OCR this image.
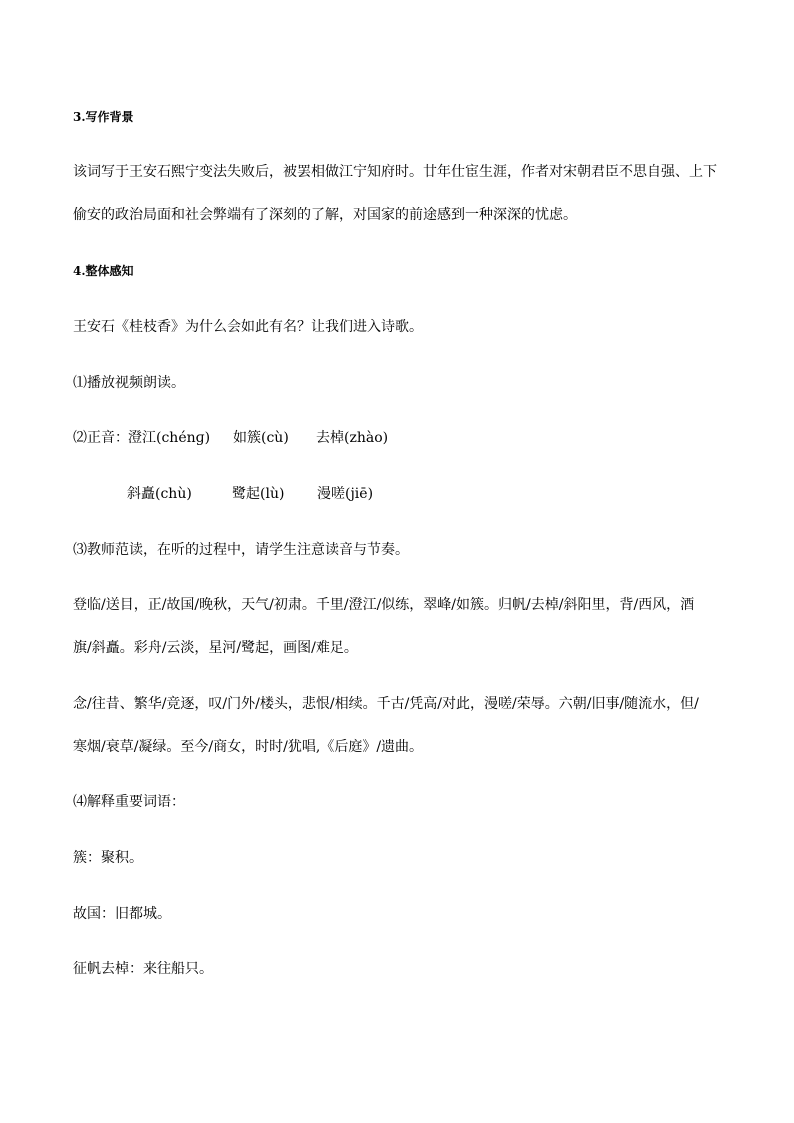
3.写作背景
该词写于王安石熙宁变法失败后，被罢相做江宁知府时。廿年仕宦生涯，作者对宋朝君臣不思自强、上下
偷安的政治局面和社会弊端有了深刻的了解，对国家的前途感到一种深深的忧虑。
4.整体感知
王安石《桂枝香》为什么会如此有名？让我们进入诗歌。
⑴播放视频朗读。
⑵正音： 澄江(chénɡ) 如簇(cù) 去棹(zhào)
斜矗(chù)	鹭起(lù) 漫嗟(jiē)
⑶教师范读，在听的过程中，请学生注意读音与节奏。
登临/送目，正/故国/晚秋，天气/初肃。千里/澄江/似练，翠峰/如簇。归帆/去棹/斜阳里，背/西风，酒
旗/斜矗。彩舟/云淡，星河/鹭起，画图/难足。
念/往昔、繁华/竞逐，叹/门外/楼头，悲恨/相续。千古/凭高/对此，漫嗟/荣辱。六朝/旧事/随流水，但/
寒烟/衰草/凝绿。至今/商女，时时/犹唱,《后庭》/遗曲。
⑷解释重要词语：
簇：聚积。
故国：旧都城。
征帆去棹：来往船只。
